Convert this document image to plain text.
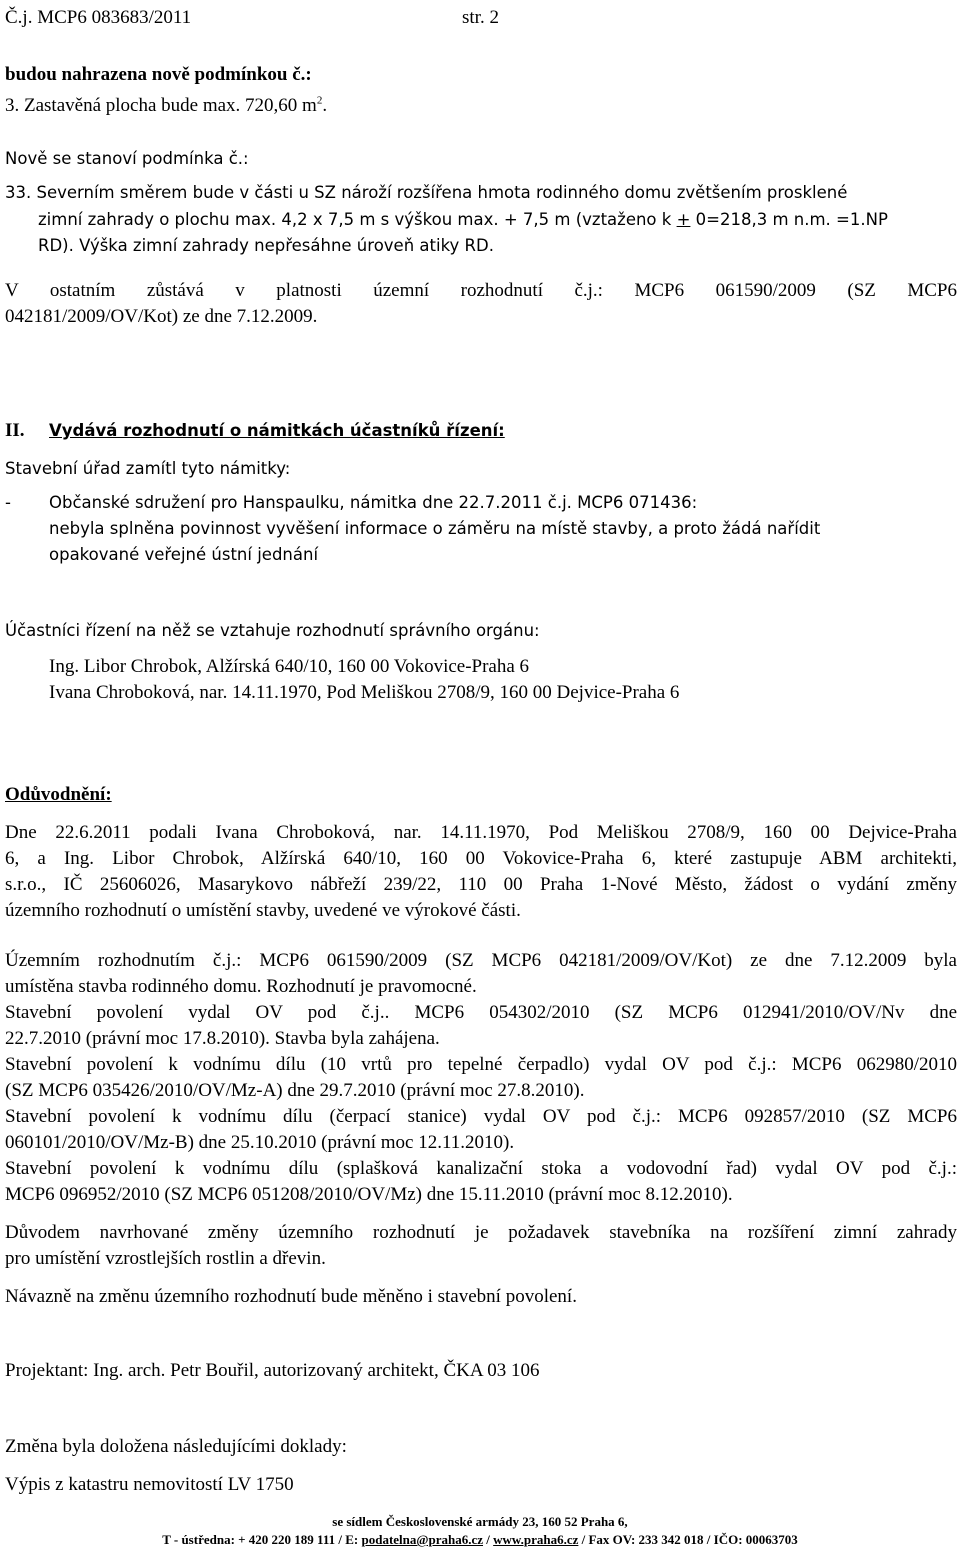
Č.j. MCP6 083683/2011	str. 2
budou nahrazena nově podmínkou č.:
3. Zastavěná plocha bude max. 720,60 $m^2$.
Nově se stanoví podmínka č.:
33. Severním směrem bude v části u SZ nároží rozšířena hmota rodinného domu zvětšením prosklené
zimní zahrady o plochu max. 4,2 x 7,5 m s výškou max. + 7,5 m (vztaženo k + 0=218,3 m n.m. =1.NP
RD). Výška zimní zahrady nepřesáhne úroveň atiky RD.
V ostatním zůstává v platnosti územní rozhodnutí č.j.: MCP6 061590/2009 (SZ MCP6
042181/2009/OV/Kot) ze dne 7.12.2009.
II. Vydává rozhodnutí o námitkách účastníků řízení:
Stavební úřad zamítl tyto námitky:
- Občanské sdružení pro Hanspaulku, námitka dne 22.7.2011 č.j. MCP6 071436:
nebyla splněna povinnost vyvěšení informace o záměru na místě stavby, a proto žádá nařídit
opakované veřejné ústní jednání
Účastníci řízení na něž se vztahuje rozhodnutí správního orgánu:
Ing. Libor Chrobok, Alžírská 640/10, 160 00 Vokovice-Praha 6
Ivana Chroboková, nar. 14.11.1970, Pod Meliškou 2708/9, 160 00 Dejvice-Praha 6
Odůvodnění:
Dne 22.6.2011 podali Ivana Chroboková, nar. 14.11.1970, Pod Meliškou 2708/9, 160 00 Dejvice-Praha
6, a Ing. Libor Chrobok, Alžírská 640/10, 160 00 Vokovice-Praha 6, které zastupuje ABM architekti,
s.r.o., IČ 25606026, Masarykovo nábřeží 239/22, 110 00 Praha 1-Nové Město, žádost o vydání změny
územního rozhodnutí o umístění stavby, uvedené ve výrokové části.
Územním rozhodnutím č.j.: MCP6 061590/2009 (SZ MCP6 042181/2009/OV/Kot) ze dne 7.12.2009 byla
umístěna stavba rodinného domu. Rozhodnutí je pravomocné.
Stavební povolení vydal OV pod č.j.. MCP6 054302/2010 (SZ MCP6 012941/2010/OV/Nv dne
22.7.2010 (právní moc 17.8.2010). Stavba byla zahájena.
Stavební povolení k vodnímu dílu (10 vrtů pro tepelné čerpadlo) vydal OV pod č.j.: MCP6 062980/2010
(SZ MCP6 035426/2010/OV/Mz-A) dne 29.7.2010 (právní moc 27.8.2010).
Stavební povolení k vodnímu dílu (čerpací stanice) vydal OV pod č.j.: MCP6 092857/2010 (SZ MCP6
060101/2010/OV/Mz-B) dne 25.10.2010 (právní moc 12.11.2010).
Stavební povolení k vodnímu dílu (splašková kanalizační stoka a vodovodní řad) vydal OV pod č.j.:
MCP6 096952/2010 (SZ MCP6 051208/2010/OV/Mz) dne 15.11.2010 (právní moc 8.12.2010).
Důvodem navrhované změny územního rozhodnutí je požadavek stavebníka na rozšíření zimní zahrady
pro umístění vzrostlejších rostlin a dřevin.
Návazně na změnu územního rozhodnutí bude měněno i stavební povolení.
Projektant: Ing. arch. Petr Bouřil, autorizovaný architekt, ČKA 03 106
Změna byla doložena následujícími doklady:
Výpis z katastru nemovitostí LV 1750
se sídlem Československé armády 23, 160 52 Praha 6,
T - ústředna: + 420 220 189 111 / E: podatelna@praha6.cz / www.praha6.cz / Fax OV: 233 342 018 / IČO: 00063703
